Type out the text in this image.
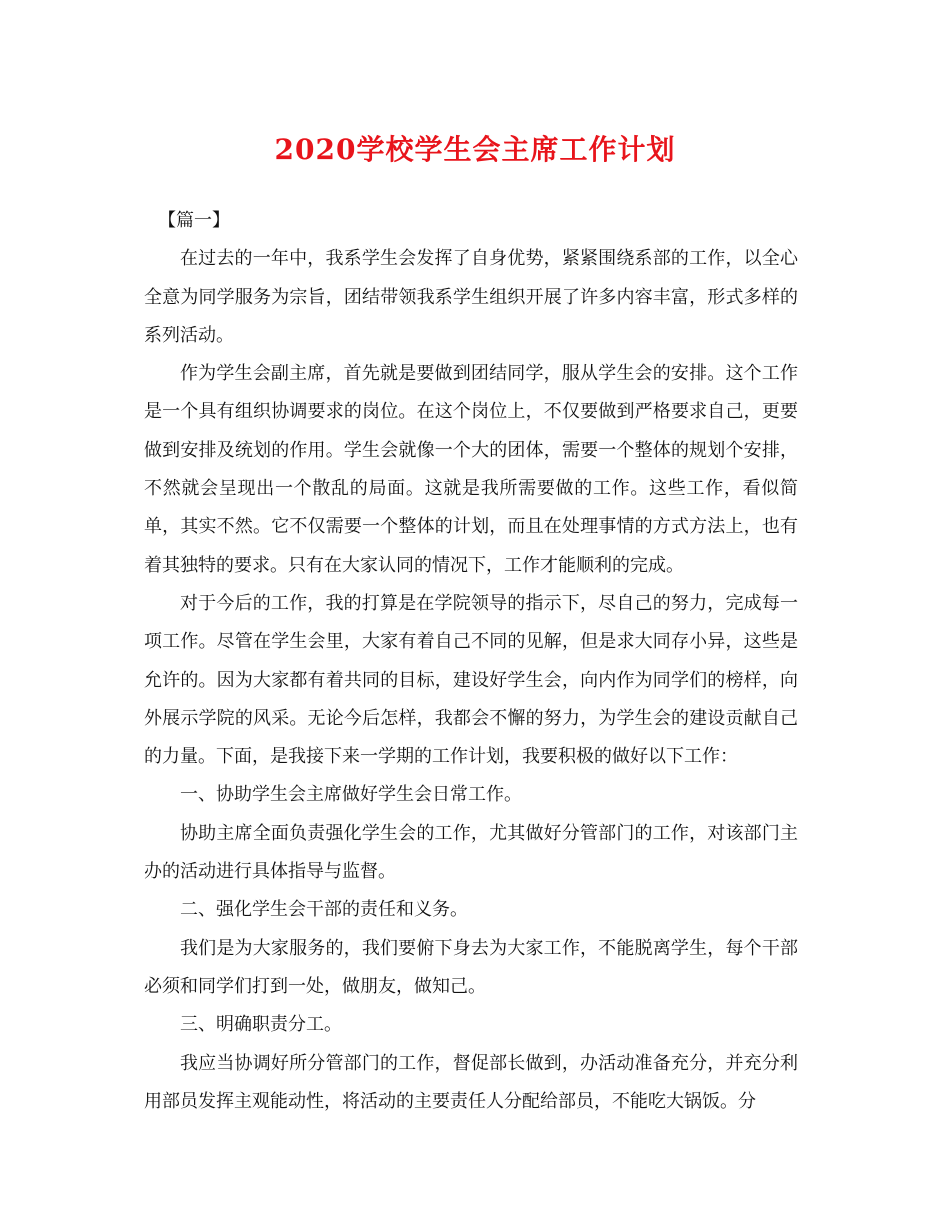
2020学校学生会主席工作计划

【篇一】

在过去的一年中，我系学生会发挥了自身优势，紧紧围绕系部的工作，以全心全意为同学服务为宗旨，团结带领我系学生组织开展了许多内容丰富，形式多样的系列活动。

作为学生会副主席，首先就是要做到团结同学，服从学生会的安排。这个工作是一个具有组织协调要求的岗位。在这个岗位上，不仅要做到严格要求自己，更要做到安排及统划的作用。学生会就像一个大的团体，需要一个整体的规划个安排，不然就会呈现出一个散乱的局面。这就是我所需要做的工作。这些工作，看似简单，其实不然。它不仅需要一个整体的计划，而且在处理事情的方式方法上，也有着其独特的要求。只有在大家认同的情况下，工作才能顺利的完成。

对于今后的工作，我的打算是在学院领导的指示下，尽自己的努力，完成每一项工作。尽管在学生会里，大家有着自己不同的见解，但是求大同存小异，这些是允许的。因为大家都有着共同的目标，建设好学生会，向内作为同学们的榜样，向外展示学院的风采。无论今后怎样，我都会不懈的努力，为学生会的建设贡献自己的力量。下面，是我接下来一学期的工作计划，我要积极的做好以下工作：

一、协助学生会主席做好学生会日常工作。

协助主席全面负责强化学生会的工作，尤其做好分管部门的工作，对该部门主办的活动进行具体指导与监督。

二、强化学生会干部的责任和义务。

我们是为大家服务的，我们要俯下身去为大家工作，不能脱离学生，每个干部必须和同学们打到一处，做朋友，做知己。

三、明确职责分工。

我应当协调好所分管部门的工作，督促部长做到，办活动准备充分，并充分利用部员发挥主观能动性，将活动的主要责任人分配给部员，不能吃大锅饭。分
